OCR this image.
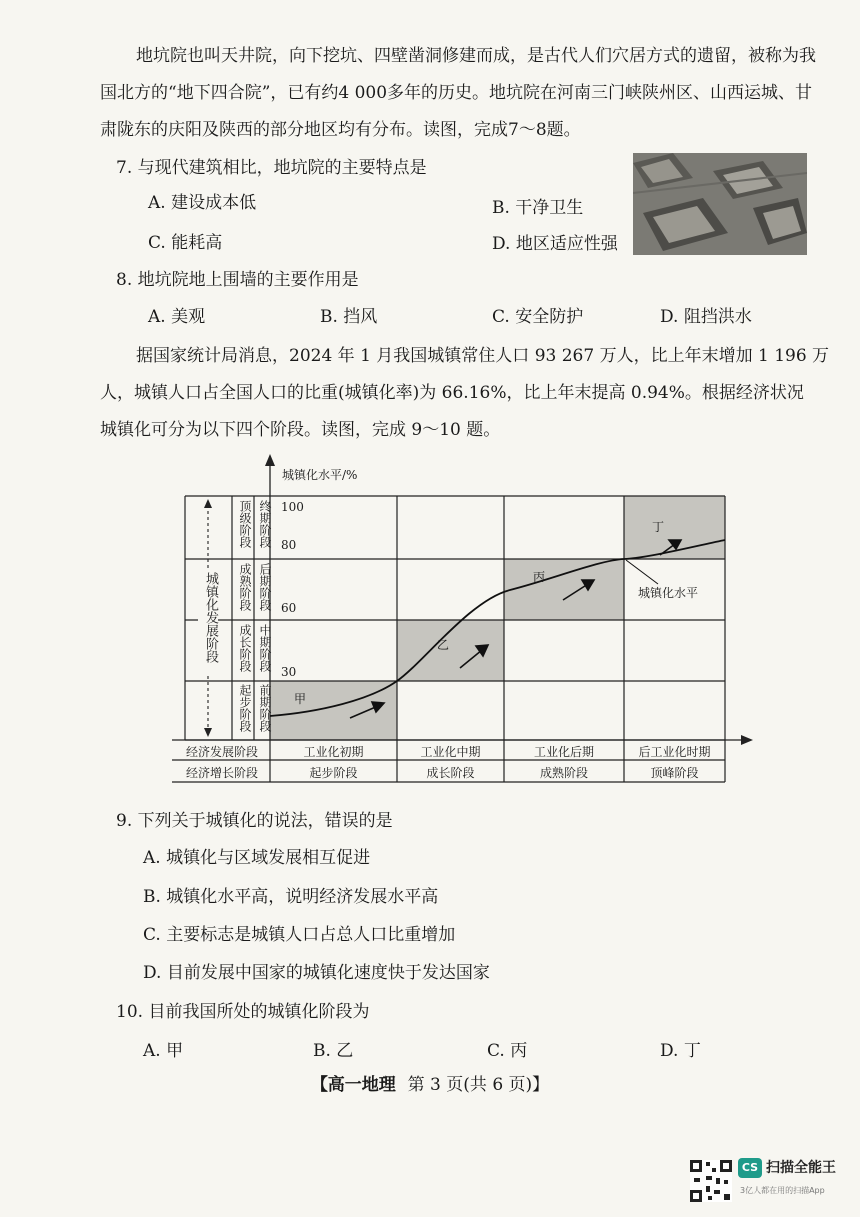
地坑院也叫天井院，向下挖坑、四壁凿洞修建而成，是古代人们穴居方式的遗留，被称为我
国北方的“地下四合院”，已有约4 000多年的历史。地坑院在河南三门峡陕州区、山西运城、甘
肃陇东的庆阳及陕西的部分地区均有分布。读图，完成7～8题。
7. 与现代建筑相比，地坑院的主要特点是
A. 建设成本低	B. 干净卫生
C. 能耗高	D. 地区适应性强
8. 地坑院地上围墙的主要作用是
A. 美观	B. 挡风	C. 安全防护	D. 阻挡洪水
据国家统计局消息，2024 年 1 月我国城镇常住人口 93 267 万人，比上年末增加 1 196 万
人，城镇人口占全国人口的比重(城镇化率)为 66.16%，比上年末提高 0.94%。根据经济状况
城镇化可分为以下四个阶段。读图，完成 9～10 题。
城镇化水平/%
100
80
60
30
城镇化发展阶段
顶级阶段 终期阶段
成熟阶段 后期阶段
成长阶段 中期阶段
起步阶段 前期阶段 甲
乙
丙
丁
城镇化水平
经济发展阶段	工业化初期	工业化中期	工业化后期	后工业化时期
经济增长阶段	起步阶段	成长阶段	成熟阶段	顶峰阶段
9. 下列关于城镇化的说法，错误的是
A. 城镇化与区域发展相互促进
B. 城镇化水平高，说明经济发展水平高
C. 主要标志是城镇人口占总人口比重增加
D. 目前发展中国家的城镇化速度快于发达国家
10. 目前我国所处的城镇化阶段为
A. 甲	B. 乙	C. 丙	D. 丁
【高一地理 第 3 页(共 6 页)】
CS 扫描全能王
3亿人都在用的扫描App
